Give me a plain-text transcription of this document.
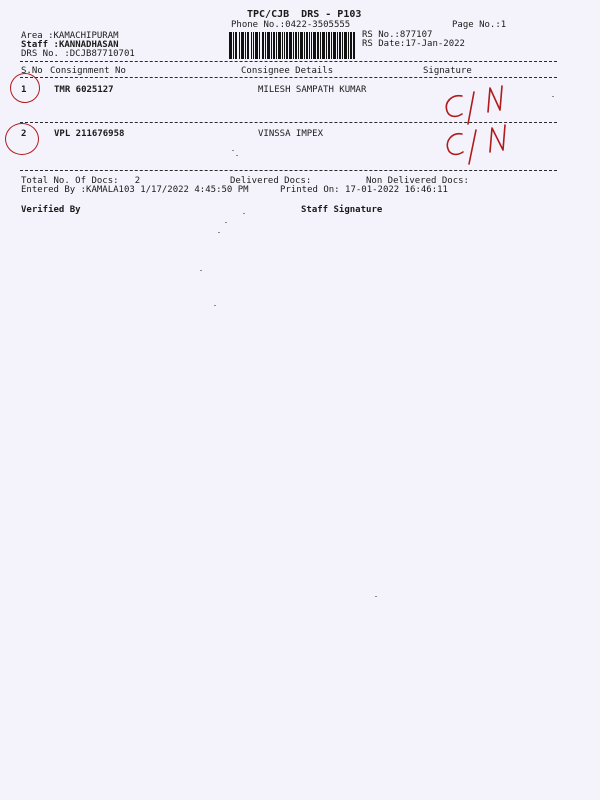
TPC/CJB  DRS - P103
Phone No.:0422-3505555	Page No.:1
Area :KAMACHIPURAM
Staff :KANNADHASAN
DRS No. :DCJB87710701
RS No.:877107
RS Date:17-Jan-2022
S.No Consignment No	Consignee Details	Signature
1	TMR 6025127	MILESH SAMPATH KUMAR
2	VPL 211676958	VINSSA IMPEX
Total No. Of Docs:   2	Delivered Docs:	Non Delivered Docs:
Entered By :KAMALA103 1/17/2022 4:45:50 PM	Printed On: 17-01-2022 16:46:11
Verified By	Staff Signature
